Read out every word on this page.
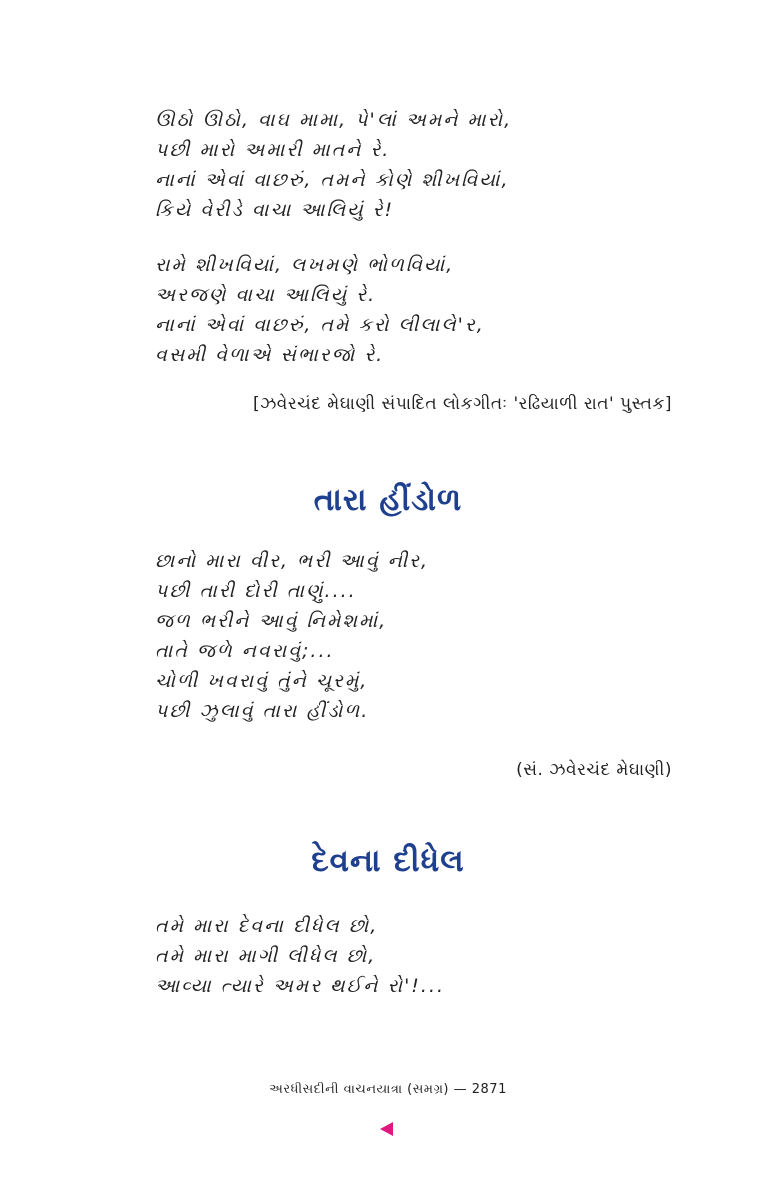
ઊઠો ઊઠો, વાઘ મામા, પે'લાં અમને મારો,
પછી મારો અમારી માતને રે.
નાનાં એવાં વાછરું, તમને કોણે શીખવિયાં,
કિયે વેરીડે વાચા આલિયું રે!
રામે શીખવિયાં, લખમણે ભોળવિયાં,
અરજણે વાચા આલિયું રે.
નાનાં એવાં વાછરું, તમે કરો લીલાલે'ર,
વસમી વેળાએ સંભારજો રે.
[ઝવેરચંદ મેઘાણી સંપાદિત લોકગીતઃ 'રઢિયાળી રાત' પુસ્તક]
તારા હીંડોળ
છાનો મારા વીર, ભરી આવું નીર,
પછી તારી દોરી તાણું....
જળ ભરીને આવું નિમેશમાં,
તાતે જળે નવરાવું;...
ચોળી ખવરાવું તુંને ચૂરમું,
પછી ઝુલાવું તારા હીંડોળ.
(સં. ઝવેરચંદ મેઘાણી)
દેવના દીધેલ
તમે મારા દેવના દીધેલ છો,
તમે મારા માગી લીધેલ છો,
આવ્યા ત્યારે અમર થઈને રો'!...
અરધીસદીની વાચનયાત્રા (સમગ્ર) — 2871
